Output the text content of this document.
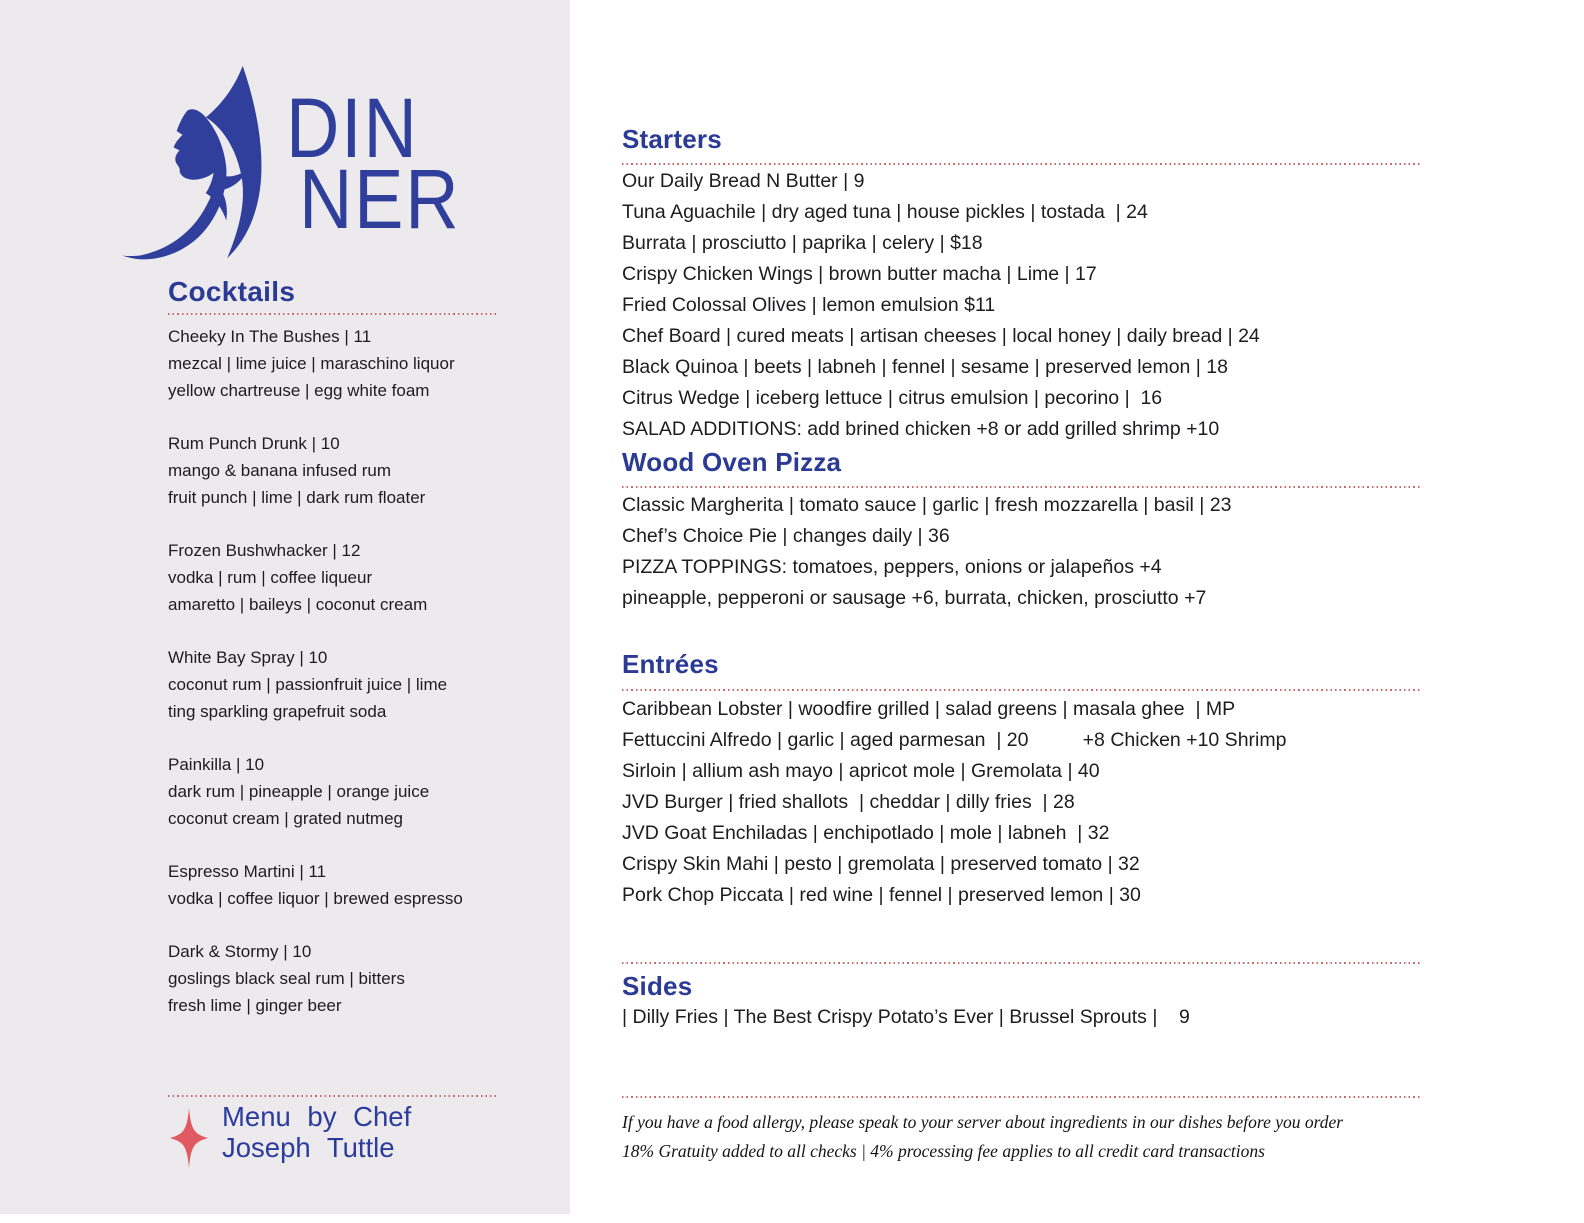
DIN
NER
Cocktails
Cheeky In The Bushes | 11
mezcal | lime juice | maraschino liquor
yellow chartreuse | egg white foam
Rum Punch Drunk | 10
mango & banana infused rum
fruit punch | lime | dark rum floater
Frozen Bushwhacker | 12
vodka | rum | coffee liqueur
amaretto | baileys | coconut cream
White Bay Spray | 10
coconut rum | passionfruit juice | lime
ting sparkling grapefruit soda
Painkilla | 10
dark rum | pineapple | orange juice
coconut cream | grated nutmeg
Espresso Martini | 11
vodka | coffee liquor | brewed espresso
Dark & Stormy | 10
goslings black seal rum | bitters
fresh lime | ginger beer
Menu by Chef
Joseph Tuttle
Starters
Our Daily Bread N Butter | 9
Tuna Aguachile | dry aged tuna | house pickles | tostada  | 24
Burrata | prosciutto | paprika | celery | $18
Crispy Chicken Wings | brown butter macha | Lime | 17
Fried Colossal Olives | lemon emulsion $11
Chef Board | cured meats | artisan cheeses | local honey | daily bread | 24
Black Quinoa | beets | labneh | fennel | sesame | preserved lemon | 18
Citrus Wedge | iceberg lettuce | citrus emulsion | pecorino |  16
SALAD ADDITIONS: add brined chicken +8 or add grilled shrimp +10
Wood Oven Pizza
Classic Margherita | tomato sauce | garlic | fresh mozzarella | basil | 23
Chef’s Choice Pie | changes daily | 36
PIZZA TOPPINGS: tomatoes, peppers, onions or jalapeños +4
pineapple, pepperoni or sausage +6, burrata, chicken, prosciutto +7
Entrées
Caribbean Lobster | woodfire grilled | salad greens | masala ghee  | MP
Fettuccini Alfredo | garlic | aged parmesan  | 20          +8 Chicken +10 Shrimp
Sirloin | allium ash mayo | apricot mole | Gremolata | 40
JVD Burger | fried shallots  | cheddar | dilly fries  | 28
JVD Goat Enchiladas | enchipotlado | mole | labneh  | 32
Crispy Skin Mahi | pesto | gremolata | preserved tomato | 32
Pork Chop Piccata | red wine | fennel | preserved lemon | 30
Sides
| Dilly Fries | The Best Crispy Potato’s Ever | Brussel Sprouts |    9
If you have a food allergy, please speak to your server about ingredients in our dishes before you order
18% Gratuity added to all checks | 4% processing fee applies to all credit card transactions
